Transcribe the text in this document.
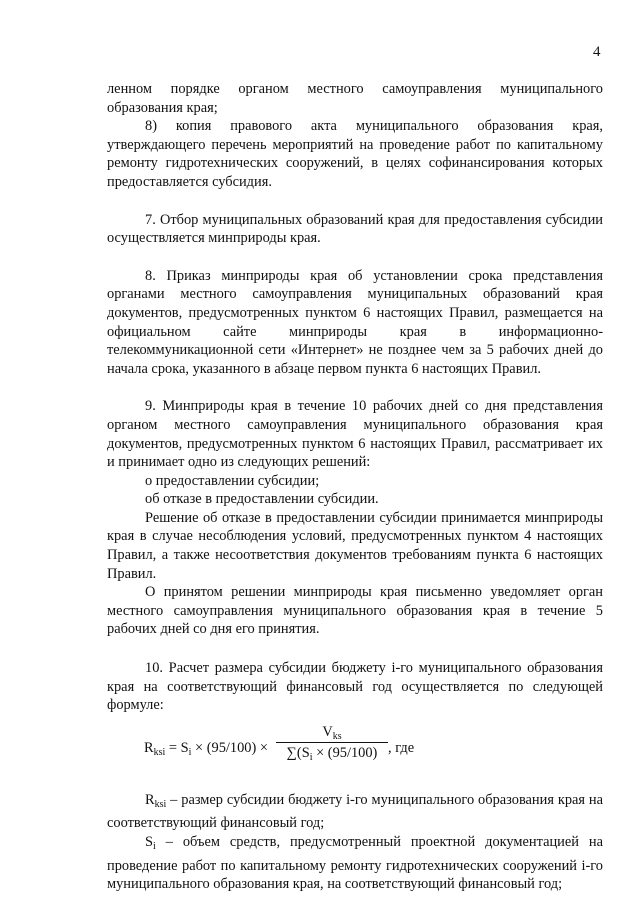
4

ленном порядке органом местного самоуправления муниципального образования края;

8) копия правового акта муниципального образования края, утверждающего перечень мероприятий на проведение работ по капитальному ремонту гидротехнических сооружений, в целях софинансирования которых предоставляется субсидия.

7. Отбор муниципальных образований края для предоставления субсидии осуществляется минприроды края.

8. Приказ минприроды края об установлении срока представления органами местного самоуправления муниципальных образований края документов, предусмотренных пунктом 6 настоящих Правил, размещается на официальном сайте минприроды края в информационно-телекоммуникационной сети «Интернет» не позднее чем за 5 рабочих дней до начала срока, указанного в абзаце первом пункта 6 настоящих Правил.

9. Минприроды края в течение 10 рабочих дней со дня представления органом местного самоуправления муниципального образования края документов, предусмотренных пунктом 6 настоящих Правил, рассматривает их и принимает одно из следующих решений:

о предоставлении субсидии;

об отказе в предоставлении субсидии.

Решение об отказе в предоставлении субсидии принимается минприроды края в случае несоблюдения условий, предусмотренных пунктом 4 настоящих Правил, а также несоответствия документов требованиям пункта 6 настоящих Правил.

О принятом решении минприроды края письменно уведомляет орган местного самоуправления муниципального образования края в течение 5 рабочих дней со дня его принятия.

10. Расчет размера субсидии бюджету i-го муниципального образования края на соответствующий финансовый год осуществляется по следующей формуле:

$R_{ksi} = S_i \times (95/100)$ ×
$V_{ks}$
$\sum(S_i \times (95/100)$ , где

$R_{ksi}$ – размер субсидии бюджету i-го муниципального образования края на соответствующий финансовый год;

$S_i$ – объем средств, предусмотренный проектной документацией на проведение работ по капитальному ремонту гидротехнических сооружений i-го муниципального образования края, на соответствующий финансовый год;
